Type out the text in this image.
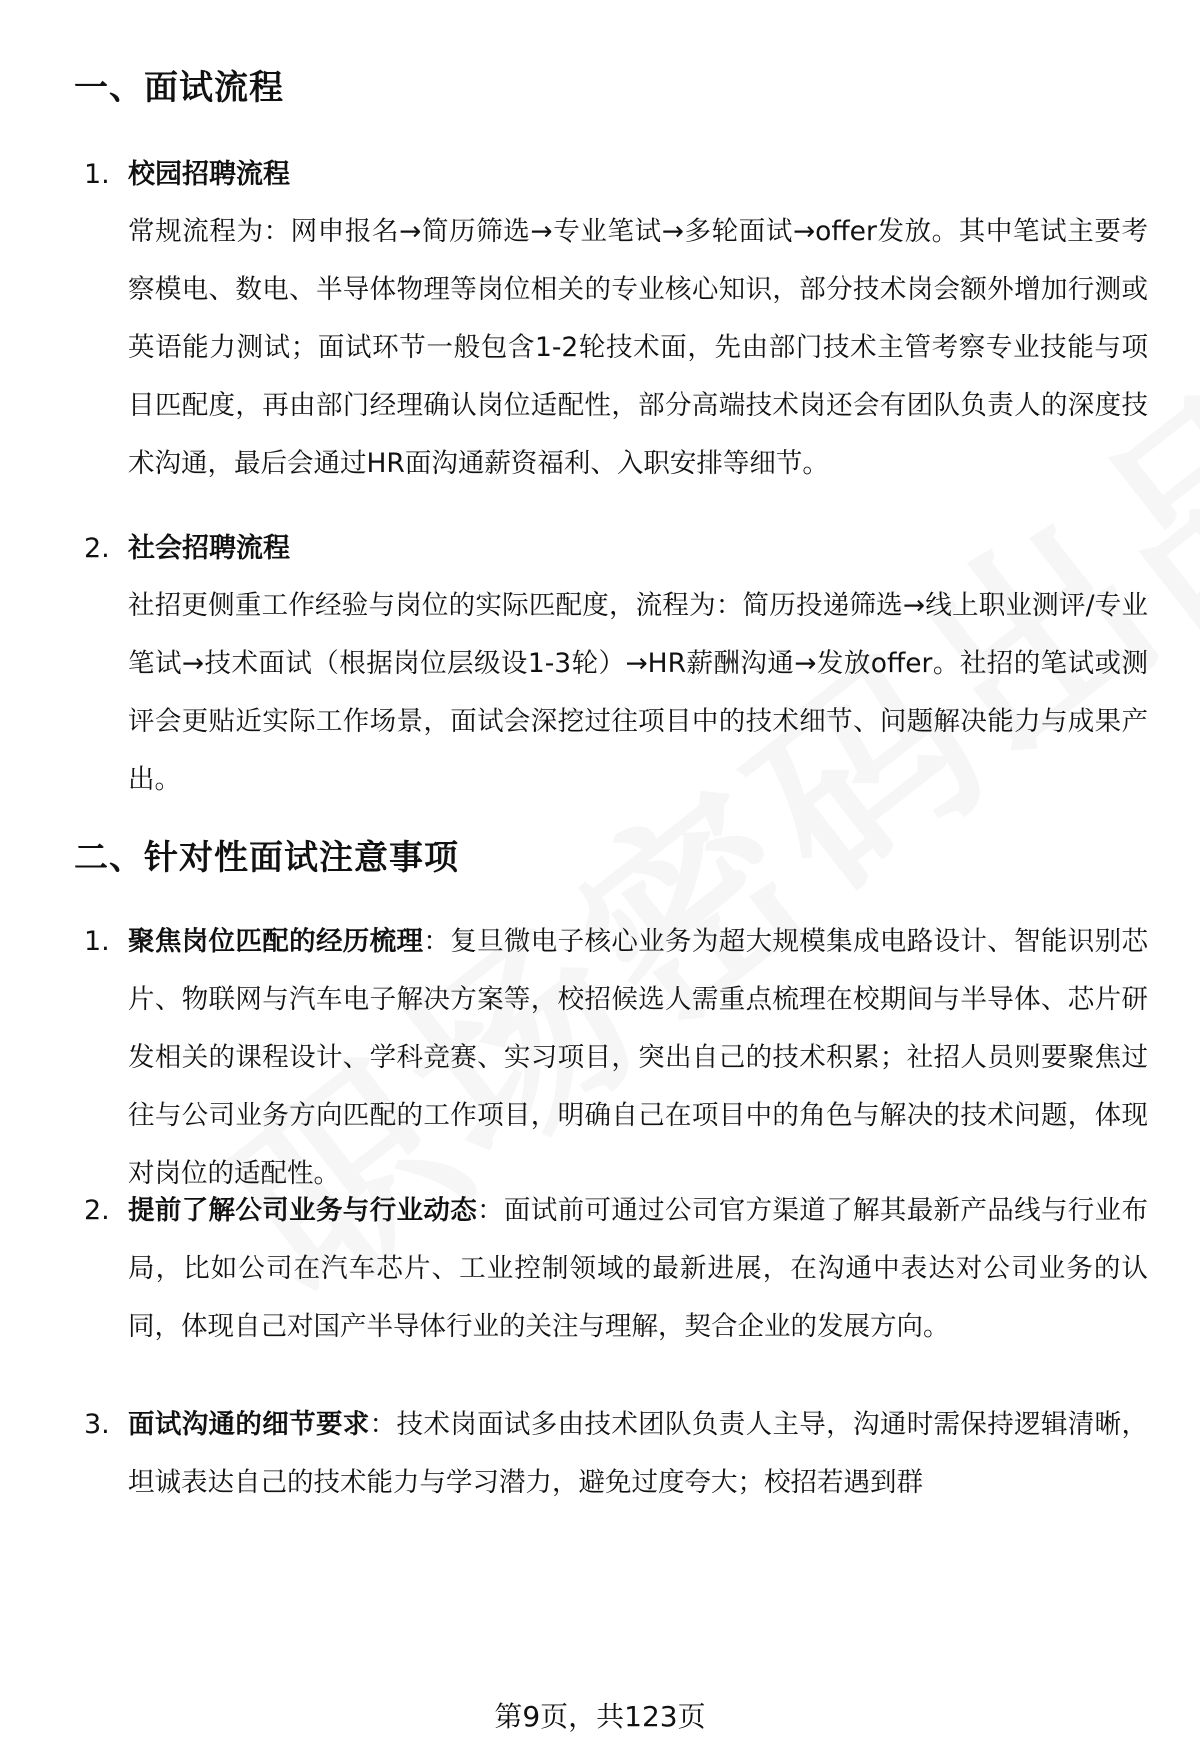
一、面试流程
1. 校园招聘流程

常规流程为：网申报名→简历筛选→专业笔试→多轮面试→offer发放。其中笔试主要考察模电、数电、半导体物理等岗位相关的专业核心知识，部分技术岗会额外增加行测或英语能力测试；面试环节一般包含1-2轮技术面，先由部门技术主管考察专业技能与项目匹配度，再由部门经理确认岗位适配性，部分高端技术岗还会有团队负责人的深度技术沟通，最后会通过HR面沟通薪资福利、入职安排等细节。

2. 社会招聘流程

社招更侧重工作经验与岗位的实际匹配度，流程为：简历投递筛选→线上职业测评/专业笔试→技术面试（根据岗位层级设1-3轮）→HR薪酬沟通→发放offer。社招的笔试或测评会更贴近实际工作场景，面试会深挖过往项目中的技术细节、问题解决能力与成果产出。

二、针对性面试注意事项
1. 聚焦岗位匹配的经历梳理：复旦微电子核心业务为超大规模集成电路设计、智能识别芯片、物联网与汽车电子解决方案等，校招候选人需重点梳理在校期间与半导体、芯片研发相关的课程设计、学科竞赛、实习项目，突出自己的技术积累；社招人员则要聚焦过往与公司业务方向匹配的工作项目，明确自己在项目中的角色与解决的技术问题，体现对岗位的适配性。

2. 提前了解公司业务与行业动态：面试前可通过公司官方渠道了解其最新产品线与行业布局，比如公司在汽车芯片、工业控制领域的最新进展，在沟通中表达对公司业务的认同，体现自己对国产半导体行业的关注与理解，契合企业的发展方向。

3. 面试沟通的细节要求：技术岗面试多由技术团队负责人主导，沟通时需保持逻辑清晰，坦诚表达自己的技术能力与学习潜力，避免过度夸大；校招若遇到群

第9页，共123页
